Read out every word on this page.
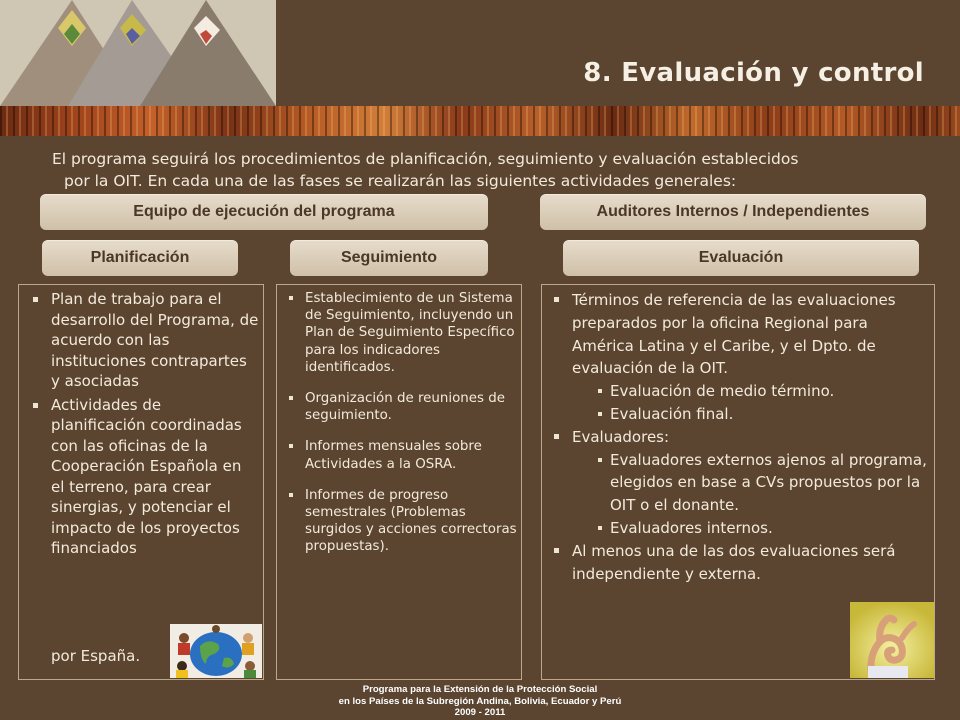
8. Evaluación y control
El programa seguirá los procedimientos de planificación, seguimiento y evaluación establecidos
por la OIT. En cada una de las fases se realizarán las siguientes actividades generales:
Equipo de ejecución del programa	Auditores Internos / Independientes
Planificación	Seguimiento	Evaluación
Plan de trabajo para el desarrollo del Programa, de acuerdo con las instituciones contrapartes y asociadas
Actividades de planificación coordinadas con las oficinas de la Cooperación Española en el terreno, para crear sinergias, y potenciar el impacto de los proyectos financiados
por España.
Establecimiento de un Sistema de Seguimiento, incluyendo un Plan de Seguimiento Específico para los indicadores identificados.
Organización de reuniones de seguimiento.
Informes mensuales sobre Actividades a la OSRA.
Informes de progreso semestrales (Problemas surgidos y acciones correctoras propuestas).
Términos de referencia de las evaluaciones preparados por la oficina Regional para América Latina y el Caribe, y el Dpto. de evaluación de la OIT.
Evaluación de medio término.
Evaluación final.
Evaluadores:
Evaluadores externos ajenos al programa, elegidos en base a CVs propuestos por la OIT o el donante.
Evaluadores internos.
Al menos una de las dos evaluaciones será independiente y externa.
Programa para la Extensión de la Protección Social
en los Países de la Subregión Andina, Bolivia, Ecuador y Perú
2009 - 2011
